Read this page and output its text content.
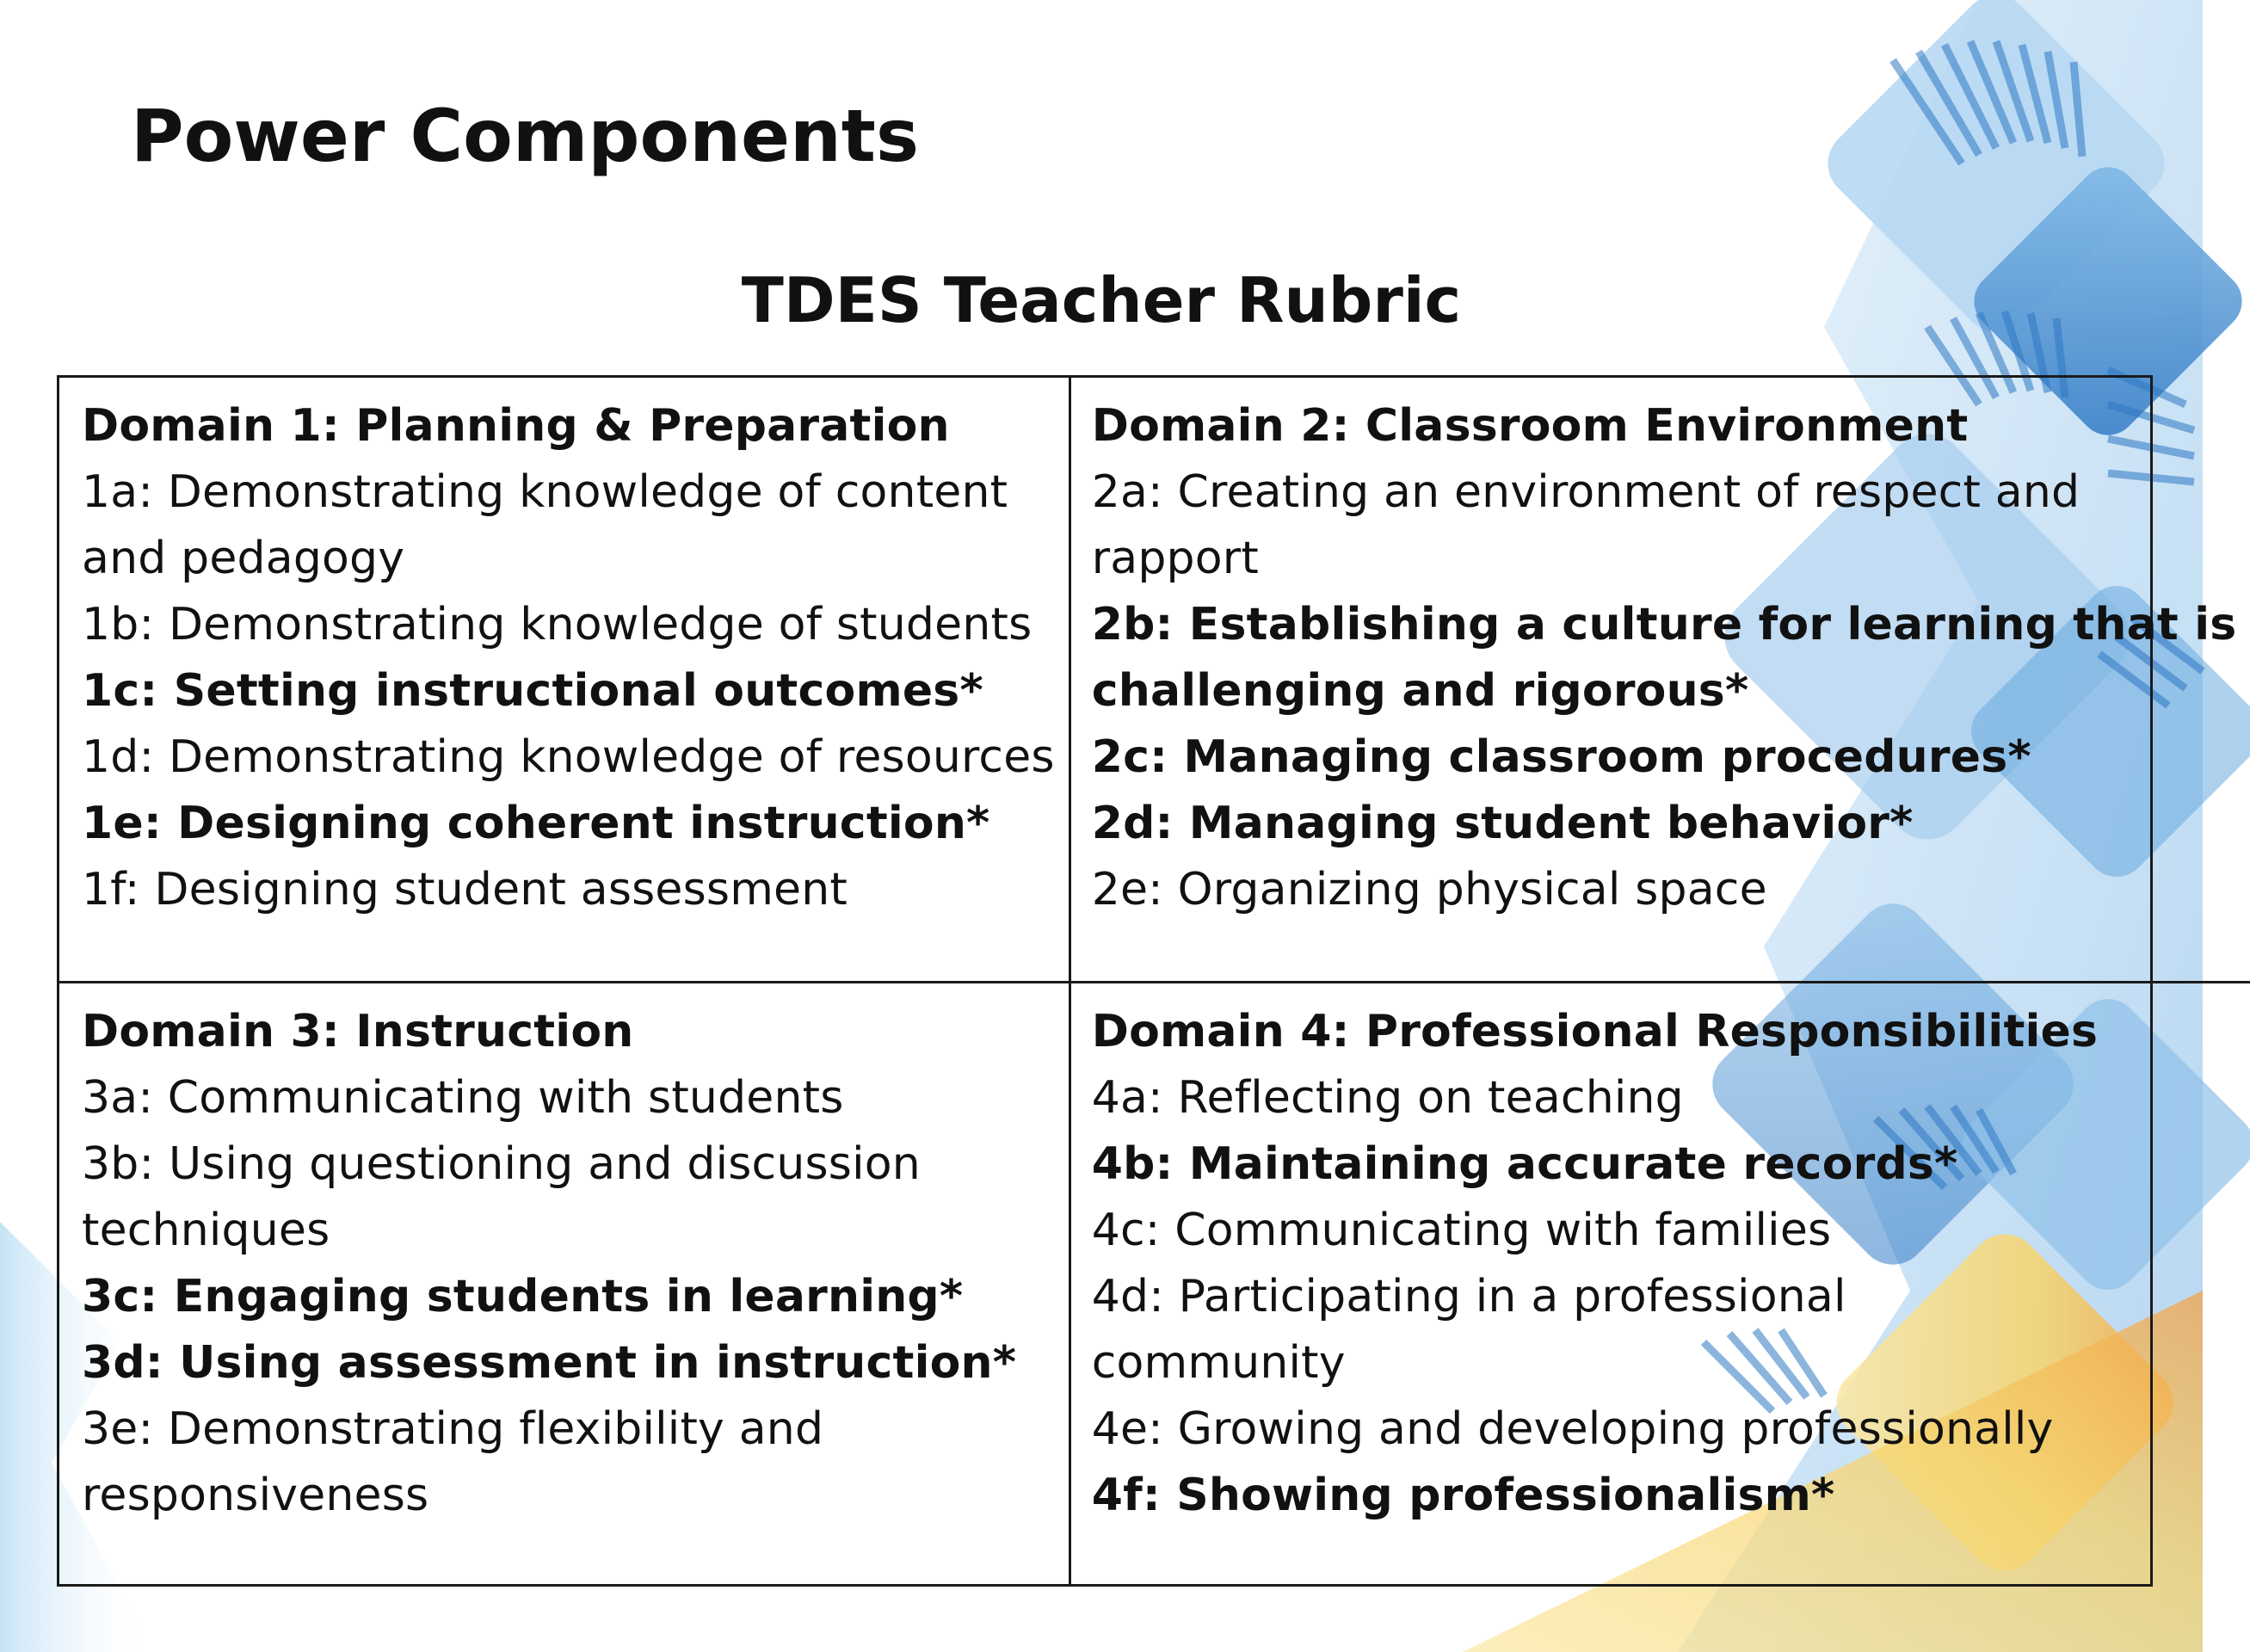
Power Components
TDES Teacher Rubric
Domain 1: Planning & Preparation
1a: Demonstrating knowledge of content
and pedagogy
1b: Demonstrating knowledge of students
1c: Setting instructional outcomes*
1d: Demonstrating knowledge of resources
1e: Designing coherent instruction*
1f: Designing student assessment
Domain 2: Classroom Environment
2a: Creating an environment of respect and
rapport
2b: Establishing a culture for learning that is
challenging and rigorous*
2c: Managing classroom procedures*
2d: Managing student behavior*
2e: Organizing physical space
Domain 3: Instruction
3a: Communicating with students
3b: Using questioning and discussion
techniques
3c: Engaging students in learning*
3d: Using assessment in instruction*
3e: Demonstrating flexibility and
responsiveness
Domain 4: Professional Responsibilities
4a: Reflecting on teaching
4b: Maintaining accurate records*
4c: Communicating with families
4d: Participating in a professional
community
4e: Growing and developing professionally
4f: Showing professionalism*
